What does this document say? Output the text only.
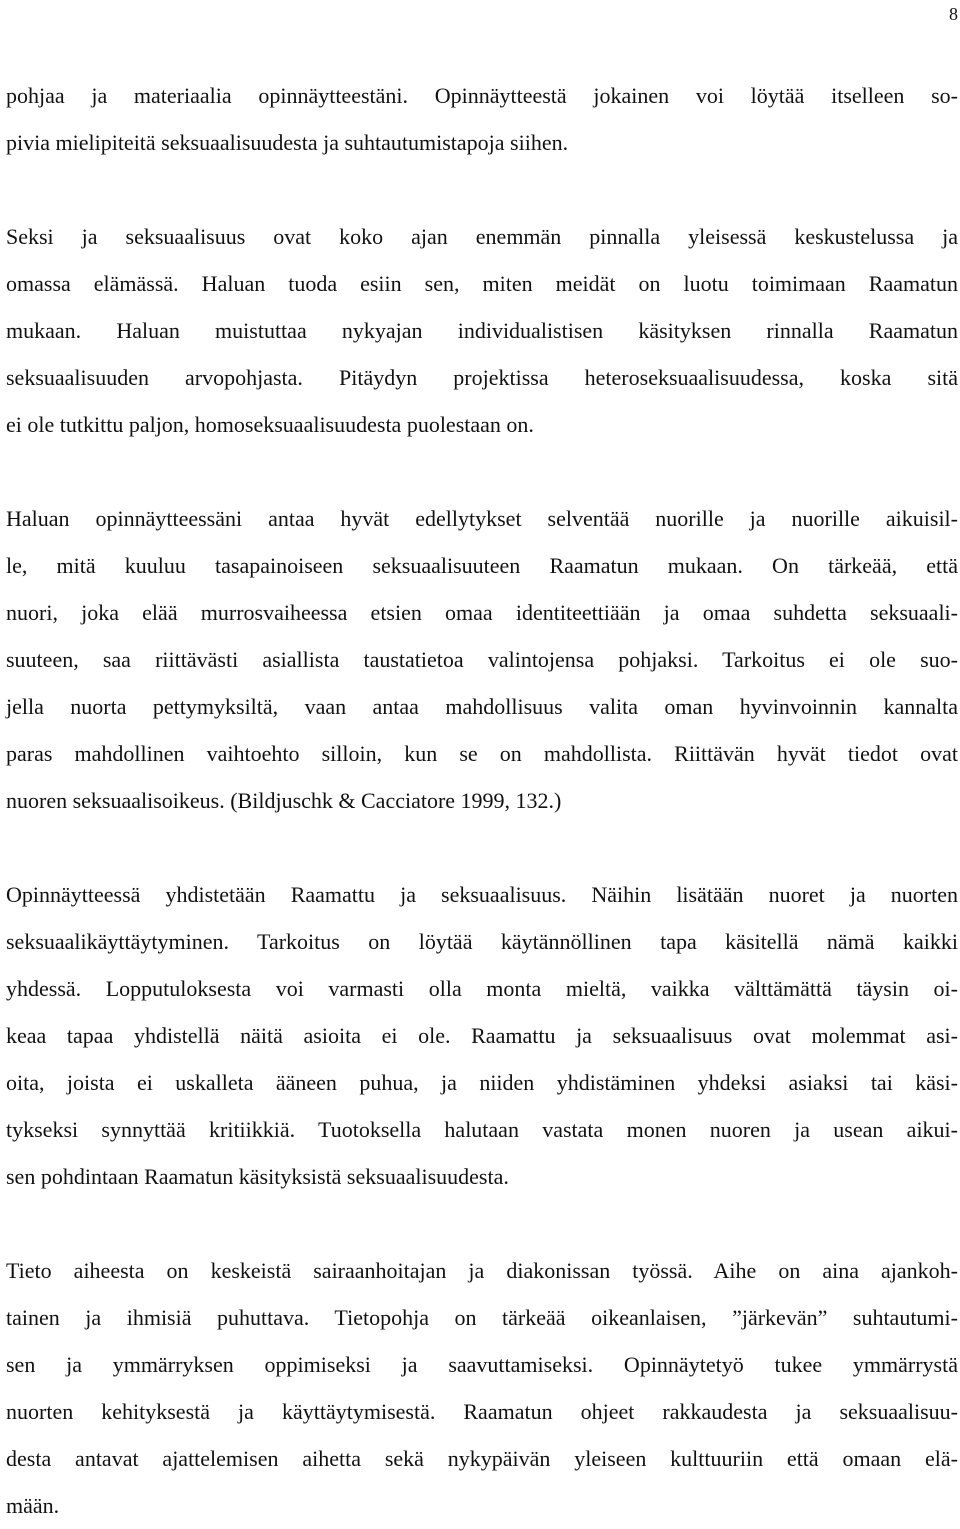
8
pohjaa ja materiaalia opinnäytteestäni. Opinnäytteestä jokainen voi löytää itselleen so-
pivia mielipiteitä seksuaalisuudesta ja suhtautumistapoja siihen.
Seksi ja seksuaalisuus ovat koko ajan enemmän pinnalla yleisessä keskustelussa ja
omassa elämässä. Haluan tuoda esiin sen, miten meidät on luotu toimimaan Raamatun
mukaan. Haluan muistuttaa nykyajan individualistisen käsityksen rinnalla Raamatun
seksuaalisuuden arvopohjasta. Pitäydyn projektissa heteroseksuaalisuudessa, koska sitä
ei ole tutkittu paljon, homoseksuaalisuudesta puolestaan on.
Haluan opinnäytteessäni antaa hyvät edellytykset selventää nuorille ja nuorille aikuisil-
le, mitä kuuluu tasapainoiseen seksuaalisuuteen Raamatun mukaan. On tärkeää, että
nuori, joka elää murrosvaiheessa etsien omaa identiteettiään ja omaa suhdetta seksuaali-
suuteen, saa riittävästi asiallista taustatietoa valintojensa pohjaksi. Tarkoitus ei ole suo-
jella nuorta pettymyksiltä, vaan antaa mahdollisuus valita oman hyvinvoinnin kannalta
paras mahdollinen vaihtoehto silloin, kun se on mahdollista. Riittävän hyvät tiedot ovat
nuoren seksuaalisoikeus. (Bildjuschk & Cacciatore 1999, 132.)
Opinnäytteessä yhdistetään Raamattu ja seksuaalisuus. Näihin lisätään nuoret ja nuorten
seksuaalikäyttäytyminen. Tarkoitus on löytää käytännöllinen tapa käsitellä nämä kaikki
yhdessä. Lopputuloksesta voi varmasti olla monta mieltä, vaikka välttämättä täysin oi-
keaa tapaa yhdistellä näitä asioita ei ole. Raamattu ja seksuaalisuus ovat molemmat asi-
oita, joista ei uskalleta ääneen puhua, ja niiden yhdistäminen yhdeksi asiaksi tai käsi-
tykseksi synnyttää kritiikkiä. Tuotoksella halutaan vastata monen nuoren ja usean aikui-
sen pohdintaan Raamatun käsityksistä seksuaalisuudesta.
Tieto aiheesta on keskeistä sairaanhoitajan ja diakonissan työssä. Aihe on aina ajankoh-
tainen ja ihmisiä puhuttava. Tietopohja on tärkeää oikeanlaisen, ”järkevän” suhtautumi-
sen ja ymmärryksen oppimiseksi ja saavuttamiseksi. Opinnäytetyö tukee ymmärrystä
nuorten kehityksestä ja käyttäytymisestä. Raamatun ohjeet rakkaudesta ja seksuaalisuu-
desta antavat ajattelemisen aihetta sekä nykypäivän yleiseen kulttuuriin että omaan elä-
mään.
